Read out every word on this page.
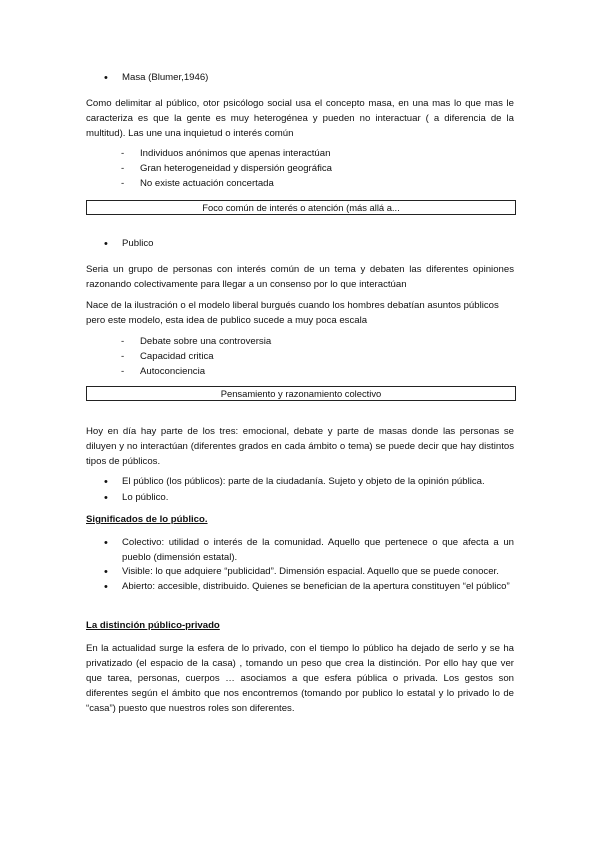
• Masa (Blumer,1946)

Como delimitar al público, otor psicólogo social usa el concepto masa, en una mas lo que mas le caracteriza es que la gente es muy heterogénea y pueden no interactuar ( a diferencia de la multitud). Las une una inquietud o interés común

- Individuos anónimos que apenas interactúan
- Gran heterogeneidad y dispersión geográfica
- No existe actuación concertada
Foco común de interés o atención (más allá a...
• Publico

Seria un grupo de personas con interés común de un tema y debaten las diferentes opiniones razonando colectivamente para llegar a un consenso por lo que interactúan

Nace de la ilustración o el modelo liberal burgués cuando los hombres debatían asuntos públicos pero este modelo, esta idea de publico sucede a muy poca escala

- Debate sobre una controversia
- Capacidad critica
- Autoconciencia
Pensamiento y razonamiento colectivo

Hoy en día hay parte de los tres: emocional, debate y parte de masas donde las personas se diluyen y no interactúan (diferentes grados en cada ámbito o tema) se puede decir que hay distintos tipos de públicos.

• El público (los públicos): parte de la ciudadanía. Sujeto y objeto de la opinión pública.
• Lo público.
Significados de lo público.
• Colectivo: utilidad o interés de la comunidad. Aquello que pertenece o que afecta a un pueblo (dimensión estatal).
• Visible: lo que adquiere “publicidad”. Dimensión espacial. Aquello que se puede conocer.
• Abierto: accesible, distribuido. Quienes se benefician de la apertura constituyen “el público”
La distinción público-privado

En la actualidad surge la esfera de lo privado, con el tiempo lo público ha dejado de serlo y se ha privatizado (el espacio de la casa) , tomando un peso que crea la distinción. Por ello hay que ver que tarea, personas, cuerpos … asociamos a que esfera pública o privada. Los gestos son diferentes según el ámbito que nos encontremos (tomando por publico lo estatal y lo privado lo de “casa”) puesto que nuestros roles son diferentes.
